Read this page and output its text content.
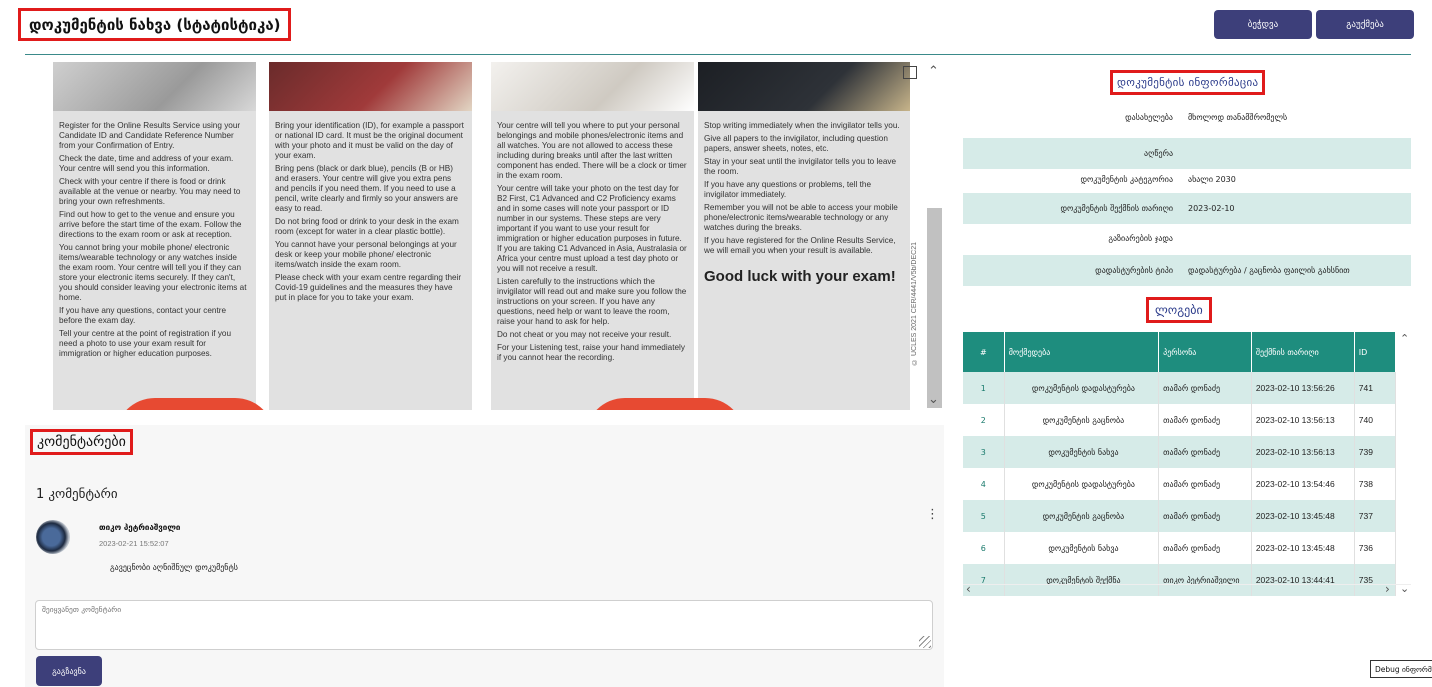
დოკუმენტის ნახვა (სტატისტიკა)	ბეჭდვა	გაუქმება

Register for the Online Results Service using your Candidate ID and Candidate Reference Number from your Confirmation of Entry.

Check the date, time and address of your exam. Your centre will send you this information.

Check with your centre if there is food or drink available at the venue or nearby. You may need to bring your own refreshments.

Find out how to get to the venue and ensure you arrive before the start time of the exam. Follow the directions to the exam room or ask at reception.

You cannot bring your mobile phone/ electronic items/wearable technology or any watches inside the exam room. Your centre will tell you if they can store your electronic items securely. If they can't, you should consider leaving your electronic items at home.

If you have any questions, contact your centre before the exam day.

Tell your centre at the point of registration if you need a photo to use your exam result for immigration or higher education purposes.

Bring your identification (ID), for example a passport or national ID card. It must be the original document with your photo and it must be valid on the day of your exam.

Bring pens (black or dark blue), pencils (B or HB) and erasers. Your centre will give you extra pens and pencils if you need them. If you need to use a pencil, write clearly and firmly so your answers are easy to read.

Do not bring food or drink to your desk in the exam room (except for water in a clear plastic bottle).

You cannot have your personal belongings at your desk or keep your mobile phone/ electronic items/watch inside the exam room.

Please check with your exam centre regarding their Covid-19 guidelines and the measures they have put in place for you to take your exam.

Your centre will tell you where to put your personal belongings and mobile phones/electronic items and all watches. You are not allowed to access these including during breaks until after the last written component has ended. There will be a clock or timer in the exam room.

Your centre will take your photo on the test day for B2 First, C1 Advanced and C2 Proficiency exams and in some cases will note your passport or ID number in our systems. These steps are very important if you want to use your result for immigration or higher education purposes in future. If you are taking C1 Advanced in Asia, Australasia or Africa your centre must upload a test day photo or you will not receive a result.

Listen carefully to the instructions which the invigilator will read out and make sure you follow the instructions on your screen. If you have any questions, need help or want to leave the room, raise your hand to ask for help.

Do not cheat or you may not receive your result.

For your Listening test, raise your hand immediately if you cannot hear the recording.

Stop writing immediately when the invigilator tells you.

Give all papers to the invigilator, including question papers, answer sheets, notes, etc.

Stay in your seat until the invigilator tells you to leave the room.

If you have any questions or problems, tell the invigilator immediately.

Remember you will not be able to access your mobile phone/electronic items/wearable technology or any watches during the breaks.

If you have registered for the Online Results Service, we will email you when your result is available.

Good luck with your exam!	© UCLES 2021 CER/4441/V5b/DEC21
⌃
⌄
კომენტარები
1 კომენტარი
⋮
თიკო პეტრიაშვილი
2023-02-21 15:52:07
გავეცნობი აღნიშნულ დოკუმენტს
შეიყვანეთ კომენტარი
გაგზავნა
დოკუმენტის ინფორმაცია
დასახელება	მხოლოდ თანამშრომელს
აღწერა
დოკუმენტის კატეგორია	ახალი 2030
დოკუმენტის შექმნის თარიღი	2023-02-10
გაზიარების ჯადა
დადასტურების ტიპი	დადასტურება / გაცნობა ფაილის გახსნით
ლოგები
#	მოქმედება	პერსონა	შექმნის თარიღი	ID
1	დოკუმენტის დადასტურება	თამარ დონაძე	2023-02-10 13:56:26	741
2	დოკუმენტის გაცნობა	თამარ დონაძე	2023-02-10 13:56:13	740
3	დოკუმენტის ნახვა	თამარ დონაძე	2023-02-10 13:56:13	739
4	დოკუმენტის დადასტურება	თამარ დონაძე	2023-02-10 13:54:46	738
5	დოკუმენტის გაცნობა	თამარ დონაძე	2023-02-10 13:45:48	737
6	დოკუმენტის ნახვა	თამარ დონაძე	2023-02-10 13:45:48	736
7	დოკუმენტის შექმნა	თიკო პეტრიაშვილი	2023-02-10 13:44:41	735
⌃
‹	› ⌄
Debug ინფორმ
